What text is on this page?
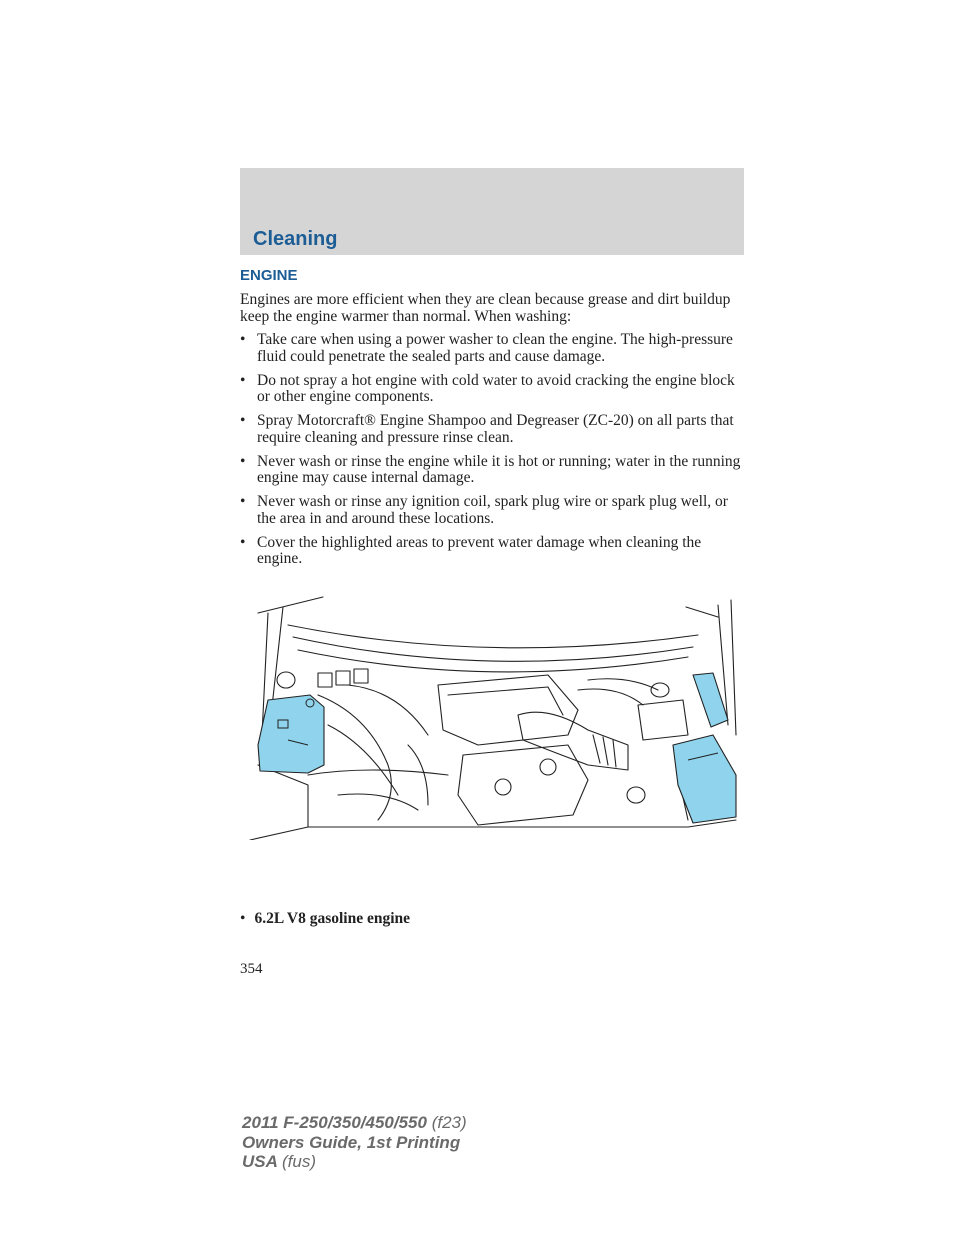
Cleaning
ENGINE
Engines are more efficient when they are clean because grease and dirt buildup keep the engine warmer than normal. When washing:
• Take care when using a power washer to clean the engine. The high-pressure fluid could penetrate the sealed parts and cause damage.
• Do not spray a hot engine with cold water to avoid cracking the engine block or other engine components.
• Spray Motorcraft® Engine Shampoo and Degreaser (ZC-20) on all parts that require cleaning and pressure rinse clean.
• Never wash or rinse the engine while it is hot or running; water in the running engine may cause internal damage.
• Never wash or rinse any ignition coil, spark plug wire or spark plug well, or the area in and around these locations.
• Cover the highlighted areas to prevent water damage when cleaning the engine.
• 6.2L V8 gasoline engine
354
2011 F-250/350/450/550 (f23)
Owners Guide, 1st Printing
USA (fus)
